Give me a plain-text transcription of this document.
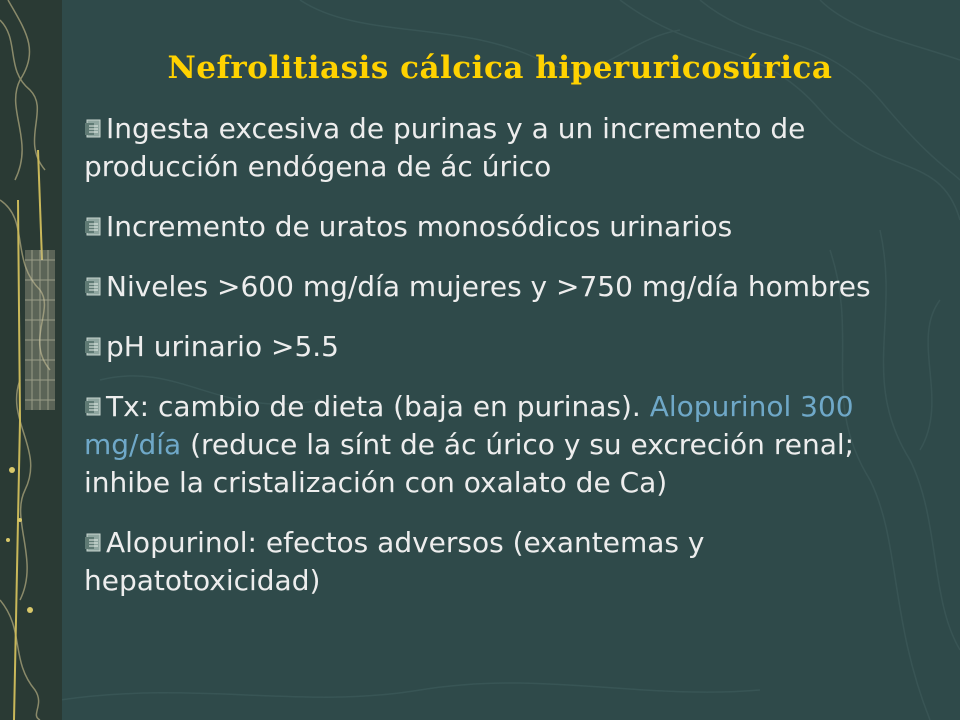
Nefrolitiasis cálcica hiperuricosúrica
Ingesta excesiva de purinas y a un incremento de producción endógena de ác úrico
Incremento de uratos monosódicos urinarios
Niveles >600 mg/día mujeres y >750 mg/día hombres
pH urinario >5.5
Tx: cambio de dieta (baja en purinas). Alopurinol 300 mg/día (reduce la sínt de ác úrico y su excreción renal; inhibe la cristalización con oxalato de Ca)
Alopurinol: efectos adversos (exantemas y hepatotoxicidad)
